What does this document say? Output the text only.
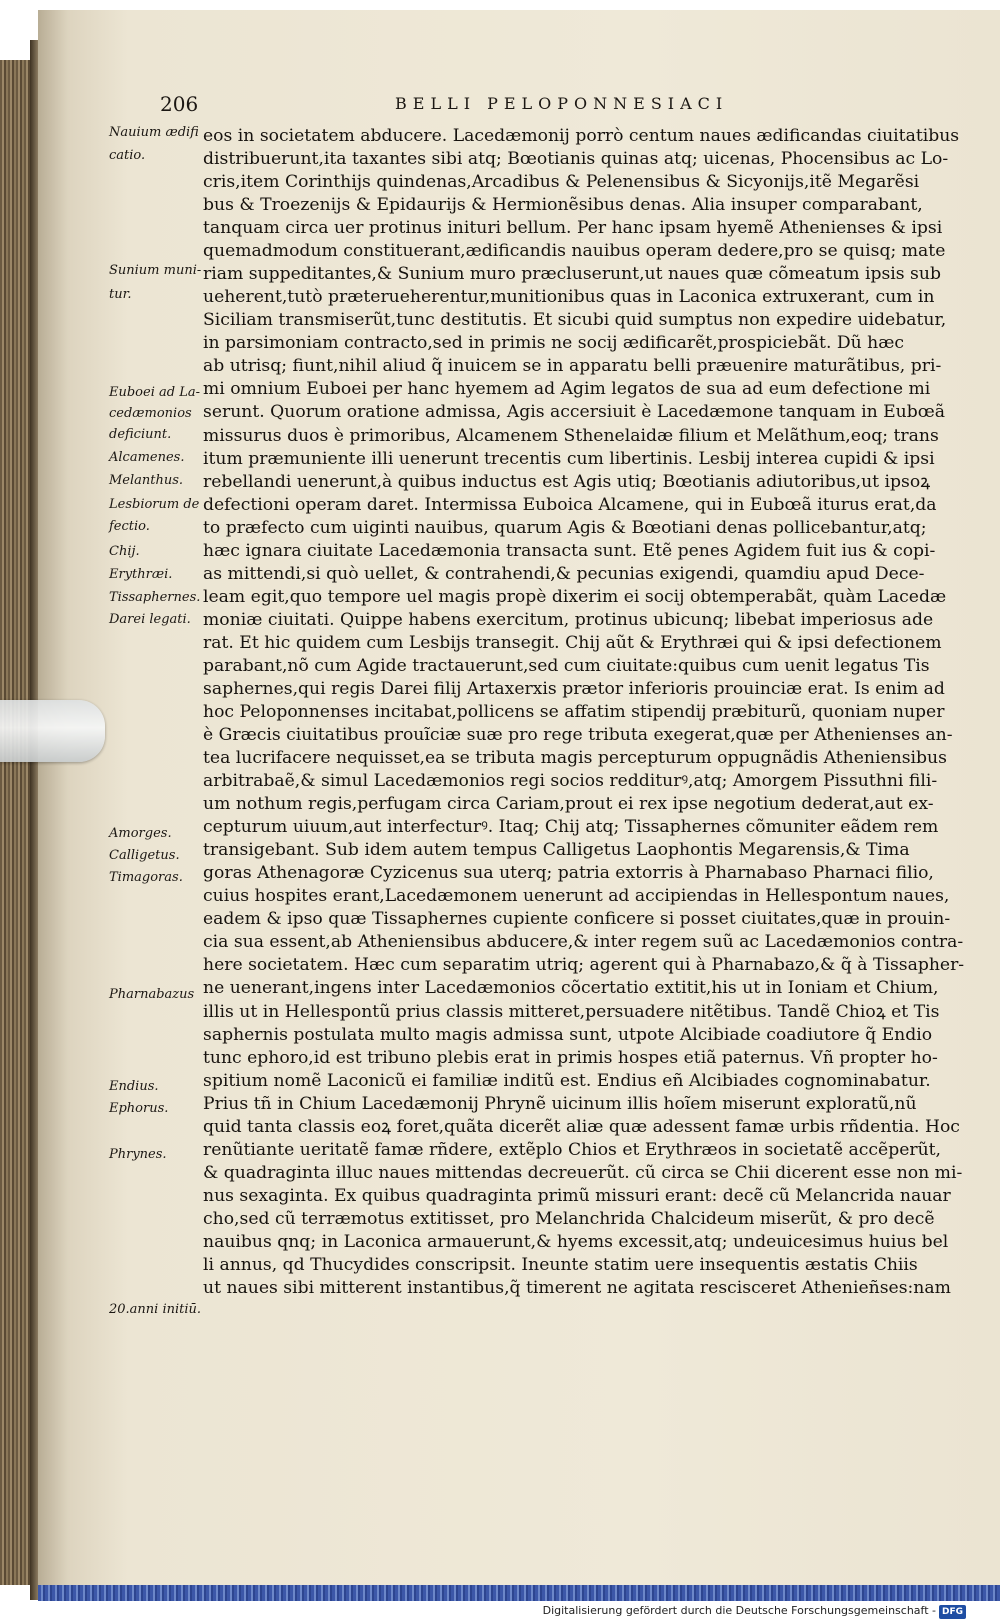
206	BELLI PELOPONNESIACI
Nauium ædifi
catio.
Sunium muni-
tur.
Euboei ad La-
cedæmonios
deficiunt.
Alcamenes.
Melanthus.
Lesbiorum de
fectio.
Chij.
Erythræi.
Tissaphernes.
Darei legati.
Amorges.
Calligetus.
Timagoras.
Pharnabazus
Endius.
Ephorus.
Phrynes.
20.anni initiū.
eos in societatem abducere. Lacedæmonij porrò centum naues ædificandas ciuitatibus
distribuerunt,ita taxantes sibi atq; Bœotianis quinas atq; uicenas, Phocensibus ac Lo-
cris,item Corinthijs quindenas,Arcadibus & Pelenensibus & Sicyonijs,itẽ Megarẽsi
bus & Troezenijs & Epidaurijs & Hermionẽsibus denas. Alia insuper comparabant,
tanquam circa uer protinus inituri bellum. Per hanc ipsam hyemẽ Athenienses & ipsi
quemadmodum constituerant,ædificandis nauibus operam dedere,pro se quisq; mate
riam suppeditantes,& Sunium muro præcluserunt,ut naues quæ cõmeatum ipsis sub
ueherent,tutò præterueherentur,munitionibus quas in Laconica extruxerant, cum in
Siciliam transmiserũt,tunc destitutis. Et sicubi quid sumptus non expedire uidebatur,
in parsimoniam contracto,sed in primis ne socij ædificarẽt,prospiciebãt. Dũ hæc
ab utrisq; fiunt,nihil aliud q̃ inuicem se in apparatu belli præuenire maturãtibus, pri-
mi omnium Euboei per hanc hyemem ad Agim legatos de sua ad eum defectione mi
serunt. Quorum oratione admissa, Agis accersiuit è Lacedæmone tanquam in Eubœã
missurus duos è primoribus, Alcamenem Sthenelaidæ filium et Melãthum,eoq; trans
itum præmuniente illi uenerunt trecentis cum libertinis. Lesbij interea cupidi & ipsi
rebellandi uenerunt,à quibus inductus est Agis utiq; Bœotianis adiutoribus,ut ipsoꝝ
defectioni operam daret. Intermissa Euboica Alcamene, qui in Eubœã iturus erat,da
to præfecto cum uiginti nauibus, quarum Agis & Bœotiani denas pollicebantur,atq;
hæc ignara ciuitate Lacedæmonia transacta sunt. Etẽ penes Agidem fuit ius & copi-
as mittendi,si quò uellet, & contrahendi,& pecunias exigendi, quamdiu apud Dece-
leam egit,quo tempore uel magis propè dixerim ei socij obtemperabãt, quàm Lacedæ
moniæ ciuitati. Quippe habens exercitum, protinus ubicunq; libebat imperiosus ade
rat. Et hic quidem cum Lesbijs transegit. Chij aũt & Erythræi qui & ipsi defectionem
parabant,nõ cum Agide tractauerunt,sed cum ciuitate:quibus cum uenit legatus Tis
saphernes,qui regis Darei filij Artaxerxis prætor inferioris prouinciæ erat. Is enim ad
hoc Peloponnenses incitabat,pollicens se affatim stipendij præbiturũ, quoniam nuper
è Græcis ciuitatibus prouĩciæ suæ pro rege tributa exegerat,quæ per Athenienses an-
tea lucrifacere nequisset,ea se tributa magis percepturum oppugnãdis Atheniensibus
arbitrabaẽ,& simul Lacedæmonios regi socios redditurꝰ,atq; Amorgem Pissuthni fili-
um nothum regis,perfugam circa Cariam,prout ei rex ipse negotium dederat,aut ex-
cepturum uiuum,aut interfecturꝰ. Itaq; Chij atq; Tissaphernes cõmuniter eãdem rem
transigebant. Sub idem autem tempus Calligetus Laophontis Megarensis,& Tima
goras Athenagoræ Cyzicenus sua uterq; patria extorris à Pharnabaso Pharnaci filio,
cuius hospites erant,Lacedæmonem uenerunt ad accipiendas in Hellespontum naues,
eadem & ipso quæ Tissaphernes cupiente conficere si posset ciuitates,quæ in prouin-
cia sua essent,ab Atheniensibus abducere,& inter regem suũ ac Lacedæmonios contra-
here societatem. Hæc cum separatim utriq; agerent qui à Pharnabazo,& q̃ à Tissapher-
ne uenerant,ingens inter Lacedæmonios cõcertatio extitit,his ut in Ioniam et Chium,
illis ut in Hellespontũ prius classis mitteret,persuadere nitẽtibus. Tandẽ Chioꝝ et Tis
saphernis postulata multo magis admissa sunt, utpote Alcibiade coadiutore q̃ Endio
tunc ephoro,id est tribuno plebis erat in primis hospes etiã paternus. Vñ propter ho-
spitium nomẽ Laconicũ ei familiæ inditũ est. Endius eñ Alcibiades cognominabatur.
Prius tñ in Chium Lacedæmonij Phrynẽ uicinum illis hoĩem miserunt exploratũ,nũ
quid tanta classis eoꝝ foret,quãta dicerẽt aliæ quæ adessent famæ urbis rñdentia. Hoc
renũtiante ueritatẽ famæ rñdere, extẽplo Chios et Erythræos in societatẽ accẽperũt,
& quadraginta illuc naues mittendas decreuerũt. cũ circa se Chii dicerent esse non mi-
nus sexaginta. Ex quibus quadraginta primũ missuri erant: decẽ cũ Melancrida nauar
cho,sed cũ terræmotus extitisset, pro Melanchrida Chalcideum miserũt, & pro decẽ
nauibus qnq; in Laconica armauerunt,& hyems excessit,atq; undeuicesimus huius bel
li annus, qd Thucydides conscripsit. Ineunte statim uere insequentis æstatis Chiis
ut naues sibi mitterent instantibus,q̃ timerent ne agitata rescisceret Athenieñses:nam
Digitalisierung gefördert durch die Deutsche Forschungsgemeinschaft - DFG
